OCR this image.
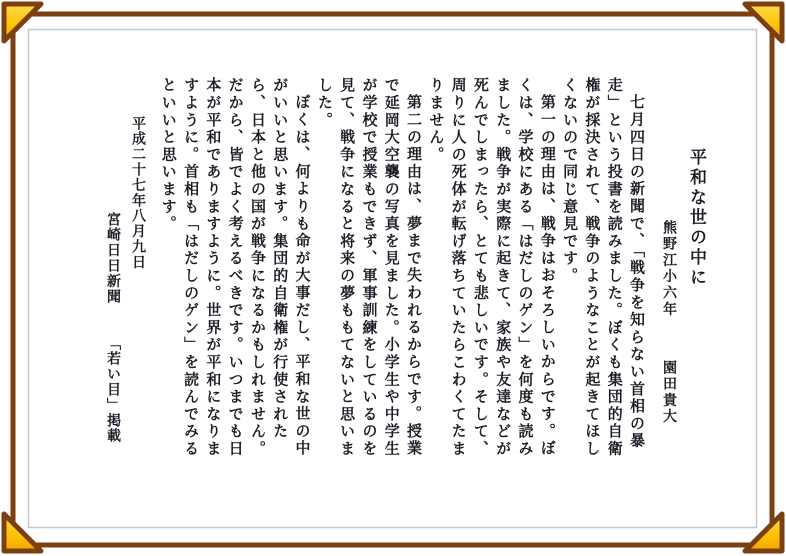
平和な世の中に
熊野江小六年園田貴大

七月四日の新聞で、「戦争を知らない首相の暴走」という投書を読みました。ぼくも集団的自衛権が採決されて、戦争のようなことが起きてほしくないので同じ意見です。

第一の理由は、戦争はおそろしいからです。ぼくは、学校にある「はだしのゲン」を何度も読みました。戦争が実際に起きて、家族や友達などが死んでしまったら、とても悲しいです。そして、周りに人の死体が転げ落ちていたらこわくてたまりません。

第二の理由は、夢まで失われるからです。授業で延岡大空襲の写真を見ました。小学生や中学生が学校で授業もできず、軍事訓練をしているのを見て、戦争になると将来の夢ももてないと思いました。

ぼくは、何よりも命が大事だし、平和な世の中がいいと思います。集団的自衛権が行使されたら、日本と他の国が戦争になるかもしれません。だから、皆でよく考えるべきです。いつまでも日本が平和でありますように。世界が平和になりますように。首相も「はだしのゲン」を読んでみるといいと思います。

平成二十七年八月九日
宮崎日日新聞「若い目」掲載
